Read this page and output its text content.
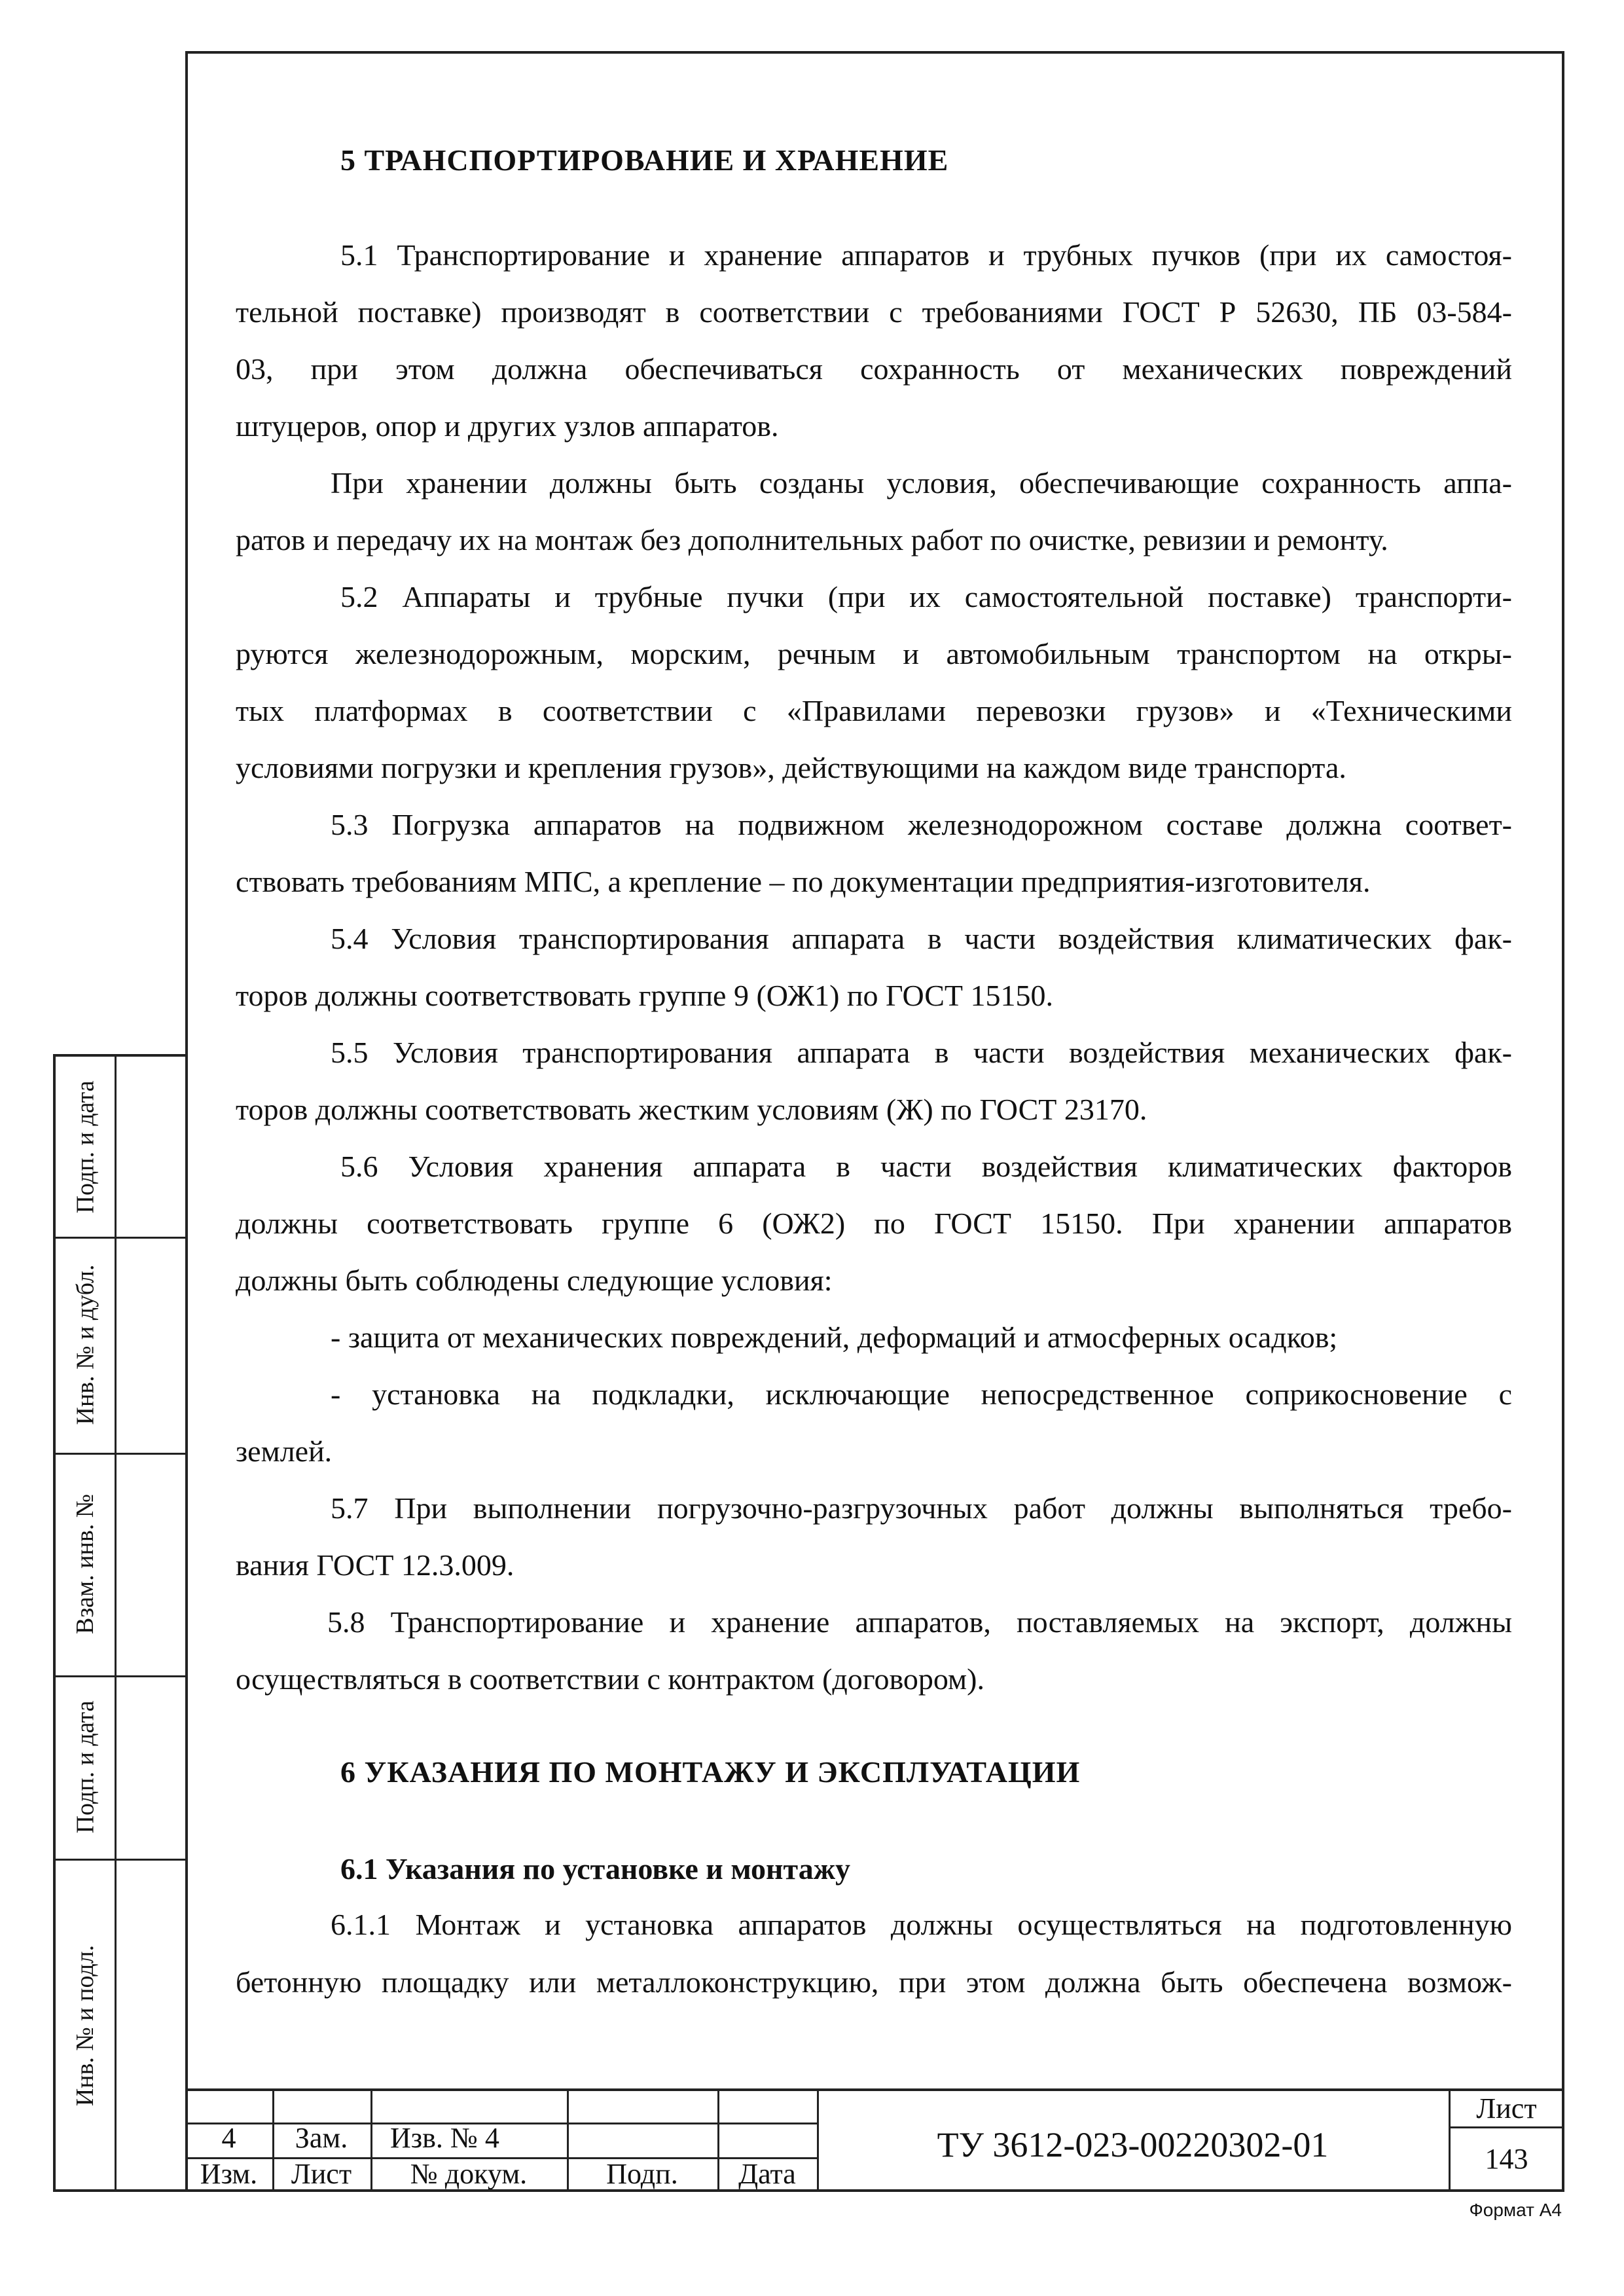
5 ТРАНСПОРТИРОВАНИЕ И ХРАНЕНИЕ
5.1 Транспортирование и хранение аппаратов и трубных пучков (при их самостоя-
тельной поставке) производят в соответствии с требованиями ГОСТ Р 52630, ПБ 03-584-
03, при этом должна обеспечиваться сохранность от механических повреждений
штуцеров, опор и других узлов аппаратов.
При хранении должны быть созданы условия, обеспечивающие сохранность аппа-
ратов и передачу их на монтаж без дополнительных работ по очистке, ревизии и ремонту.
5.2 Аппараты и трубные пучки (при их самостоятельной поставке) транспорти-
руются железнодорожным, морским, речным и автомобильным транспортом на откры-
тых платформах в соответствии с «Правилами перевозки грузов» и «Техническими
условиями погрузки и крепления грузов», действующими на каждом виде транспорта.
5.3 Погрузка аппаратов на подвижном железнодорожном составе должна соответ-
ствовать требованиям МПС, а крепление – по документации предприятия-изготовителя.
5.4 Условия транспортирования аппарата в части воздействия климатических фак-
торов должны соответствовать группе 9 (ОЖ1) по ГОСТ 15150.
5.5 Условия транспортирования аппарата в части воздействия механических фак-
торов должны соответствовать жестким условиям (Ж) по ГОСТ 23170.
5.6 Условия хранения аппарата в части воздействия климатических факторов
должны соответствовать группе 6 (ОЖ2) по ГОСТ 15150. При хранении аппаратов
должны быть соблюдены следующие условия:
- защита от механических повреждений, деформаций и атмосферных осадков;
- установка на подкладки, исключающие непосредственное соприкосновение с
землей.
5.7 При выполнении погрузочно-разгрузочных работ должны выполняться требо-
вания ГОСТ 12.3.009.
5.8 Транспортирование и хранение аппаратов, поставляемых на экспорт, должны
осуществляться в соответствии с контрактом (договором).
6 УКАЗАНИЯ ПО МОНТАЖУ И ЭКСПЛУАТАЦИИ
6.1 Указания по установке и монтажу
6.1.1 Монтаж и установка аппаратов должны осуществляться на подготовленную
бетонную площадку или металлоконструкцию, при этом должна быть обеспечена возмож-
Подп. и дата
Инв. № и дубл.
Взам. инв. №
Подп. и дата
Инв. № и подл.
4	Зам.	Изв. № 4
Изм.	Лист	№ докум.	Подп.	Дата
ТУ 3612-023-00220302-01
Лист
143
Формат А4
